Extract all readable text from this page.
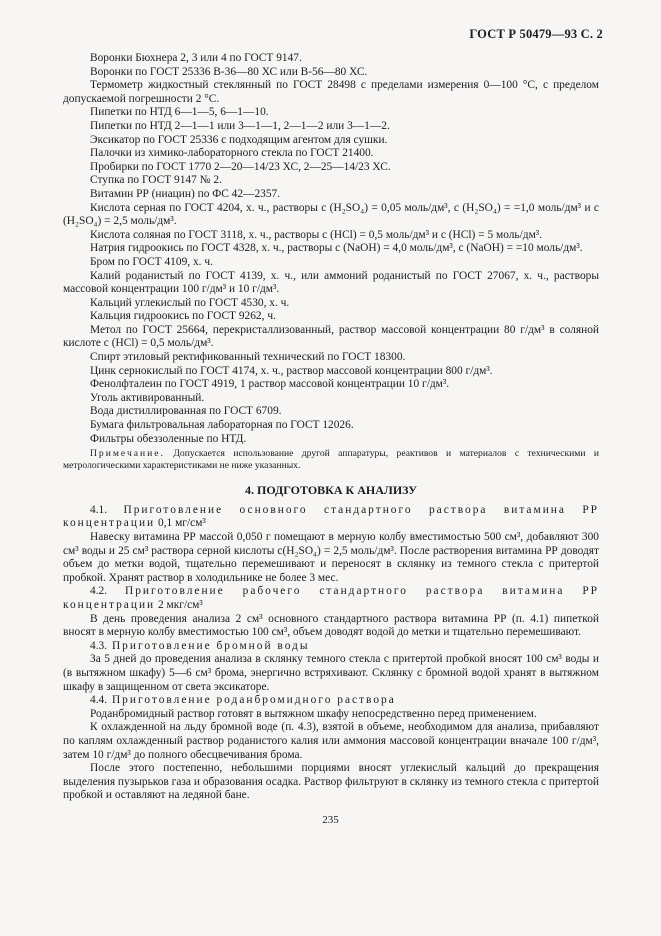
ГОСТ Р 50479—93 С. 2

Воронки Бюхнера 2, 3 или 4 по ГОСТ 9147.

Воронки по ГОСТ 25336 В-36—80 ХС или В-56—80 ХС.

Термометр жидкостный стеклянный по ГОСТ 28498 с пределами измерения 0—100 °С, с пределом допускаемой погрешности 2 °С.

Пипетки по НТД 6—1—5, 6—1—10.

Пипетки по НТД 2—1—1 или 3—1—1, 2—1—2 или 3—1—2.

Эксикатор по ГОСТ 25336 с подходящим агентом для сушки.

Палочки из химико-лабораторного стекла по ГОСТ 21400.

Пробирки по ГОСТ 1770 2—20—14/23 ХС, 2—25—14/23 ХС.

Ступка по ГОСТ 9147 № 2.

Витамин РР (ниацин) по ФС 42—2357.

Кислота серная по ГОСТ 4204, х. ч., растворы c (H₂SO₄) = 0,05 моль/дм³, c (H₂SO₄) = =1,0 моль/дм³ и c (H₂SO₄) = 2,5 моль/дм³.

Кислота соляная по ГОСТ 3118, х. ч., растворы c (HCl) = 0,5 моль/дм³ и c (HCl) = 5 моль/дм³.

Натрия гидроокись по ГОСТ 4328, х. ч., растворы c (NaOH) = 4,0 моль/дм³, c (NaOH) = =10 моль/дм³.

Бром по ГОСТ 4109, х. ч.

Калий роданистый по ГОСТ 4139, х. ч., или аммоний роданистый по ГОСТ 27067, х. ч., растворы массовой концентрации 100 г/дм³ и 10 г/дм³.

Кальций углекислый по ГОСТ 4530, х. ч.

Кальция гидроокись по ГОСТ 9262, ч.

Метол по ГОСТ 25664, перекристаллизованный, раствор массовой концентрации 80 г/дм³ в соляной кислоте c (HCl) = 0,5 моль/дм³.

Спирт этиловый ректификованный технический по ГОСТ 18300.

Цинк сернокислый по ГОСТ 4174, х. ч., раствор массовой концентрации 800 г/дм³.

Фенолфталеин по ГОСТ 4919, 1 раствор массовой концентрации 10 г/дм³.

Уголь активированный.

Вода дистиллированная по ГОСТ 6709.

Бумага фильтровальная лабораторная по ГОСТ 12026.

Фильтры обеззоленные по НТД.

Примечание. Допускается использование другой аппаратуры, реактивов и материалов с техническими и метрологическими характеристиками не ниже указанных.

4. ПОДГОТОВКА К АНАЛИЗУ

4.1. Приготовление основного стандартного раствора витамина РР концентрации 0,1 мг/см³

Навеску витамина РР массой 0,050 г помещают в мерную колбу вместимостью 500 см³, добавляют 300 см³ воды и 25 см³ раствора серной кислоты c(H₂SO₄) = 2,5 моль/дм³. После растворения витамина РР доводят объем до метки водой, тщательно перемешивают и переносят в склянку из темного стекла с притертой пробкой. Хранят раствор в холодильнике не более 3 мес.

4.2. Приготовление рабочего стандартного раствора витамина РР концентрации 2 мкг/см³

В день проведения анализа 2 см³ основного стандартного раствора витамина РР (п. 4.1) пипеткой вносят в мерную колбу вместимостью 100 см³, объем доводят водой до метки и тщательно перемешивают.

4.3. Приготовление бромной воды

За 5 дней до проведения анализа в склянку темного стекла с притертой пробкой вносят 100 см³ воды и (в вытяжном шкафу) 5—6 см³ брома, энергично встряхивают. Склянку с бромной водой хранят в вытяжном шкафу в защищенном от света эксикаторе.

4.4. Приготовление роданбромидного раствора

Роданбромидный раствор готовят в вытяжном шкафу непосредственно перед применением.

К охлажденной на льду бромной воде (п. 4.3), взятой в объеме, необходимом для анализа, прибавляют по каплям охлажденный раствор роданистого калия или аммония массовой концентрации вначале 100 г/дм³, затем 10 г/дм³ до полного обесцвечивания брома.

После этого постепенно, небольшими порциями вносят углекислый кальций до прекращения выделения пузырьков газа и образования осадка. Раствор фильтруют в склянку из темного стекла с притертой пробкой и оставляют на ледяной бане.

235
